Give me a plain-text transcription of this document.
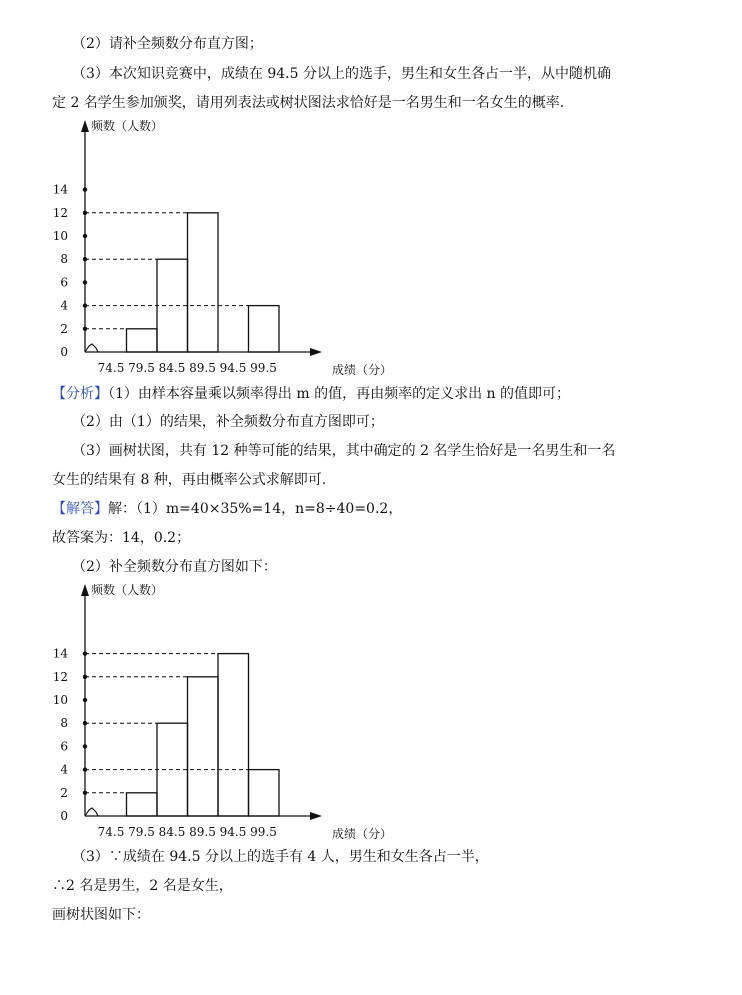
（2）请补全频数分布直方图；
（3）本次知识竞赛中，成绩在 94.5 分以上的选手，男生和女生各占一半，从中随机确
定 2 名学生参加颁奖，请用列表法或树状图法求恰好是一名男生和一名女生的概率.
频数（人数）
成绩（分）
0
2
4
6
8
10
12
14
74.5 79.5 84.5 89.5 94.5 99.5
【分析】（1）由样本容量乘以频率得出 m 的值，再由频率的定义求出 n 的值即可；
（2）由（1）的结果，补全频数分布直方图即可；
（3）画树状图，共有 12 种等可能的结果，其中确定的 2 名学生恰好是一名男生和一名
女生的结果有 8 种，再由概率公式求解即可.
【解答】解：（1）m=40×35%=14，n=8÷40=0.2，
故答案为：14，0.2；
（2）补全频数分布直方图如下：
频数（人数）
成绩（分）
0
2
4
6
8
10
12
14
74.5 79.5 84.5 89.5 94.5 99.5
（3）∵成绩在 94.5 分以上的选手有 4 人，男生和女生各占一半，
∴2 名是男生，2 名是女生，
画树状图如下：
